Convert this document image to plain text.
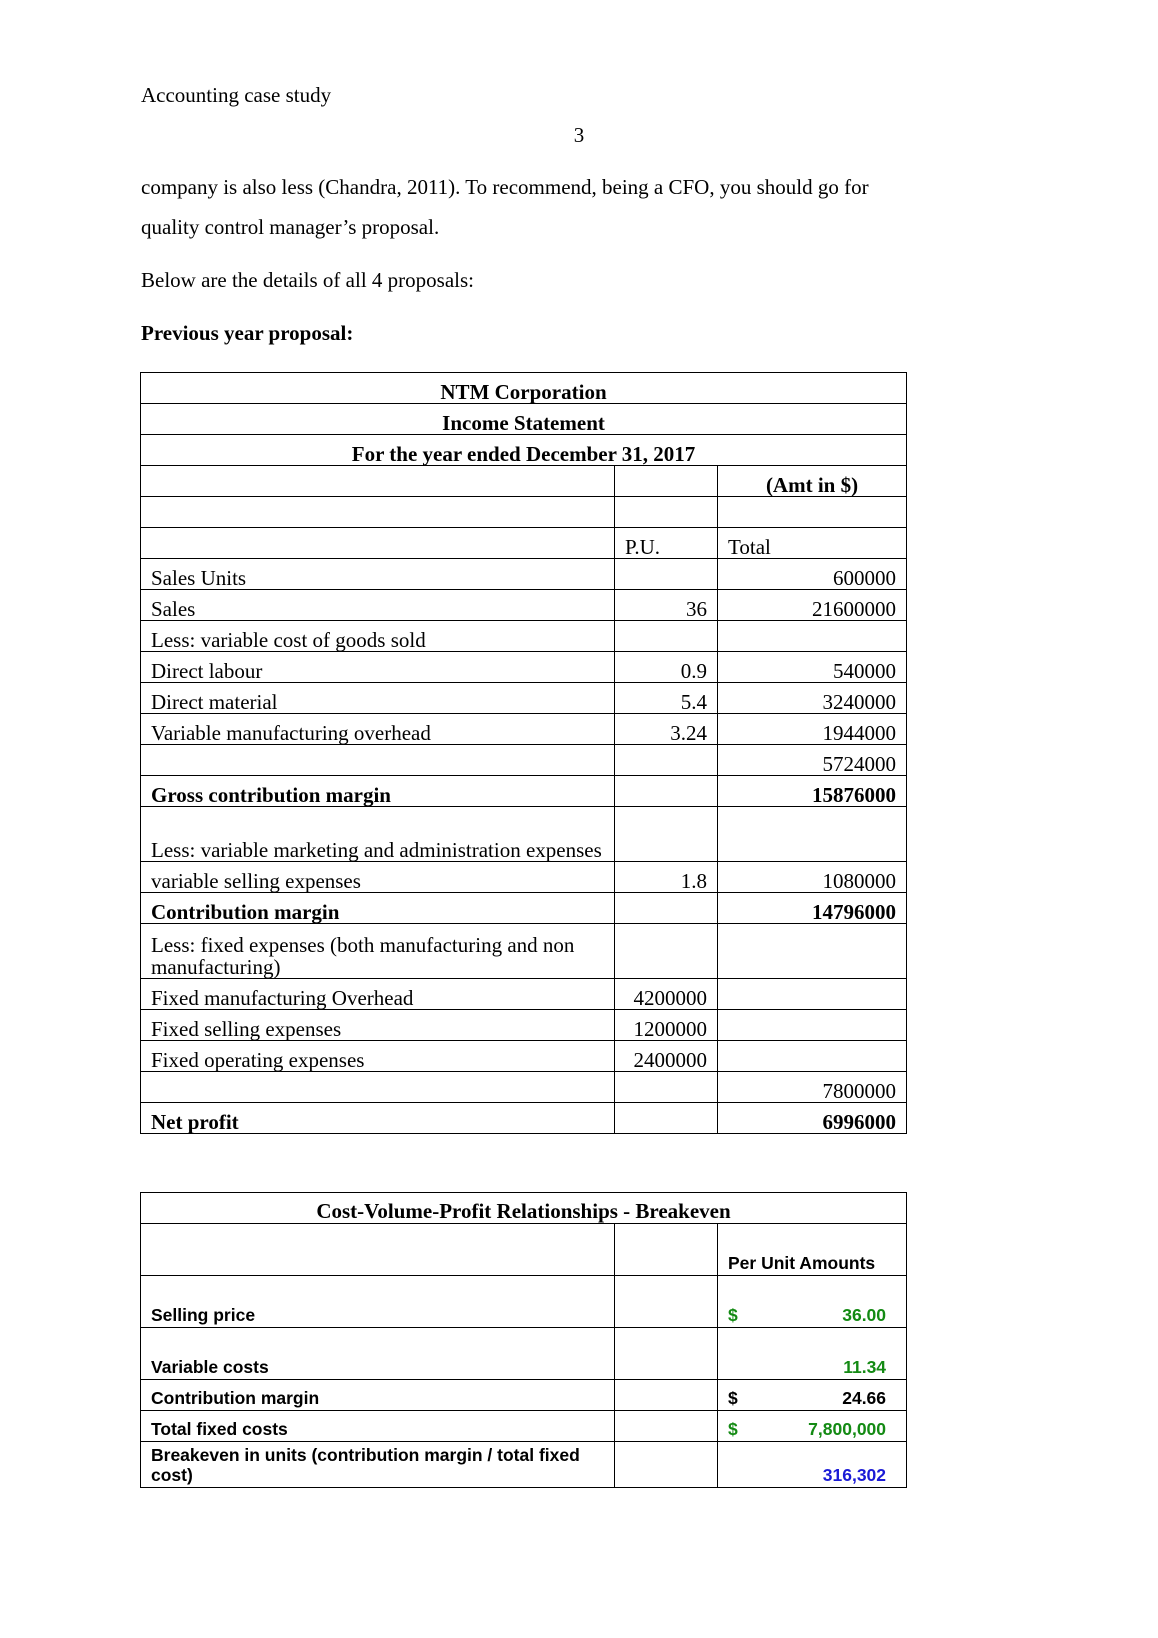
Accounting case study
3
company is also less (Chandra, 2011). To recommend, being a CFO, you should go for
quality control manager’s proposal.
Below are the details of all 4 proposals:
Previous year proposal:
NTM Corporation		
Income Statement		
For the year ended December 31, 2017		
		(Amt in $)

	P.U.	Total
Sales Units		600000
Sales	36	21600000
Less: variable cost of goods sold		
Direct labour	0.9	540000
Direct material	5.4	3240000
Variable manufacturing overhead	3.24	1944000
		5724000
Gross contribution margin		15876000
Less: variable marketing and administration expenses		
variable selling expenses	1.8	1080000
Contribution margin		14796000
Less: fixed expenses (both manufacturing and non manufacturing)		
Fixed manufacturing Overhead	4200000	
Fixed selling expenses	1200000	
Fixed operating expenses	2400000	
		7800000
Net profit		6996000
Cost-Volume-Profit Relationships - Breakeven		

Per Unit Amounts
Selling price		$ 36.00
Variable costs		11.34
Contribution margin		$ 24.66
Total fixed costs		$ 7,800,000
Breakeven in units (contribution margin / total fixed cost)		316,302
